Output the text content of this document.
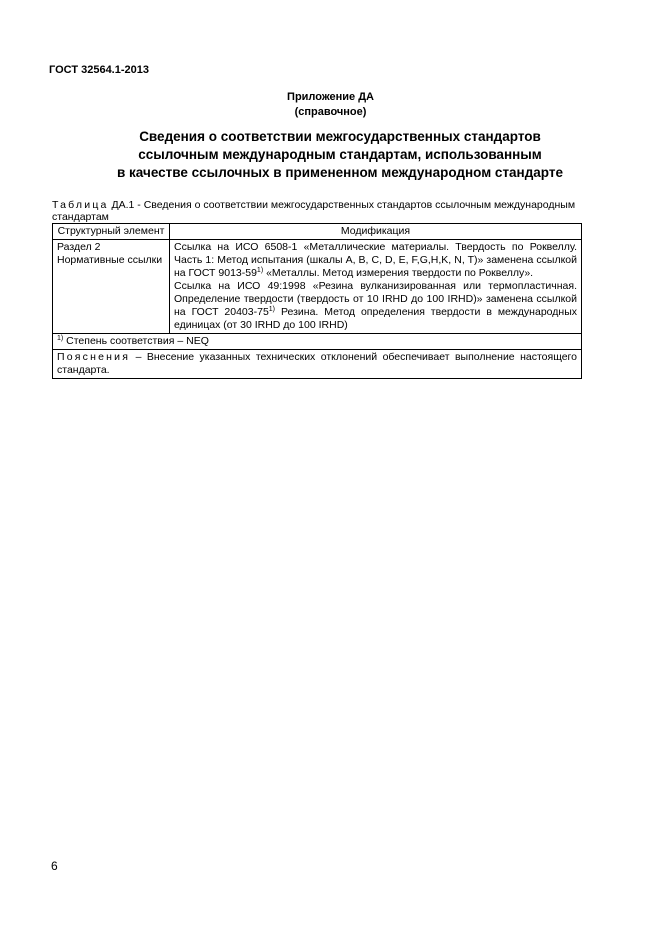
ГОСТ 32564.1-2013
Приложение ДА
(справочное)
Сведения о соответствии межгосударственных стандартов
ссылочным международным стандартам, использованным
в качестве ссылочных в примененном международном стандарте
Таблица ДА.1 - Сведения о соответствии межгосударственных стандартов ссылочным международным стандартам
Структурный элемент	Модификация
Раздел 2 Нормативные ссылки	Ссылка на ИСО 6508-1 «Металлические материалы. Твердость по Роквеллу. Часть 1: Метод испытания (шкалы A, B, C, D, E, F,G,H,K, N, T)» заменена ссылкой на ГОСТ 9013-59$^{1)}$ «Металлы. Метод измерения твердости по Роквеллу».

Ссылка на ИСО 49:1998 «Резина вулканизированная или термопластичная. Определение твердости (твердость от 10 IRHD до 100 IRHD)» заменена ссылкой на ГОСТ 20403-75$^{1)}$ Резина. Метод определения твердости в международных единицах (от 30 IRHD до 100 IRHD)

$^{1)}$ Степень соответствия – NEQ	
Пояснения – Внесение указанных технических отклонений обеспечивает выполнение настоящего стандарта.	
6
